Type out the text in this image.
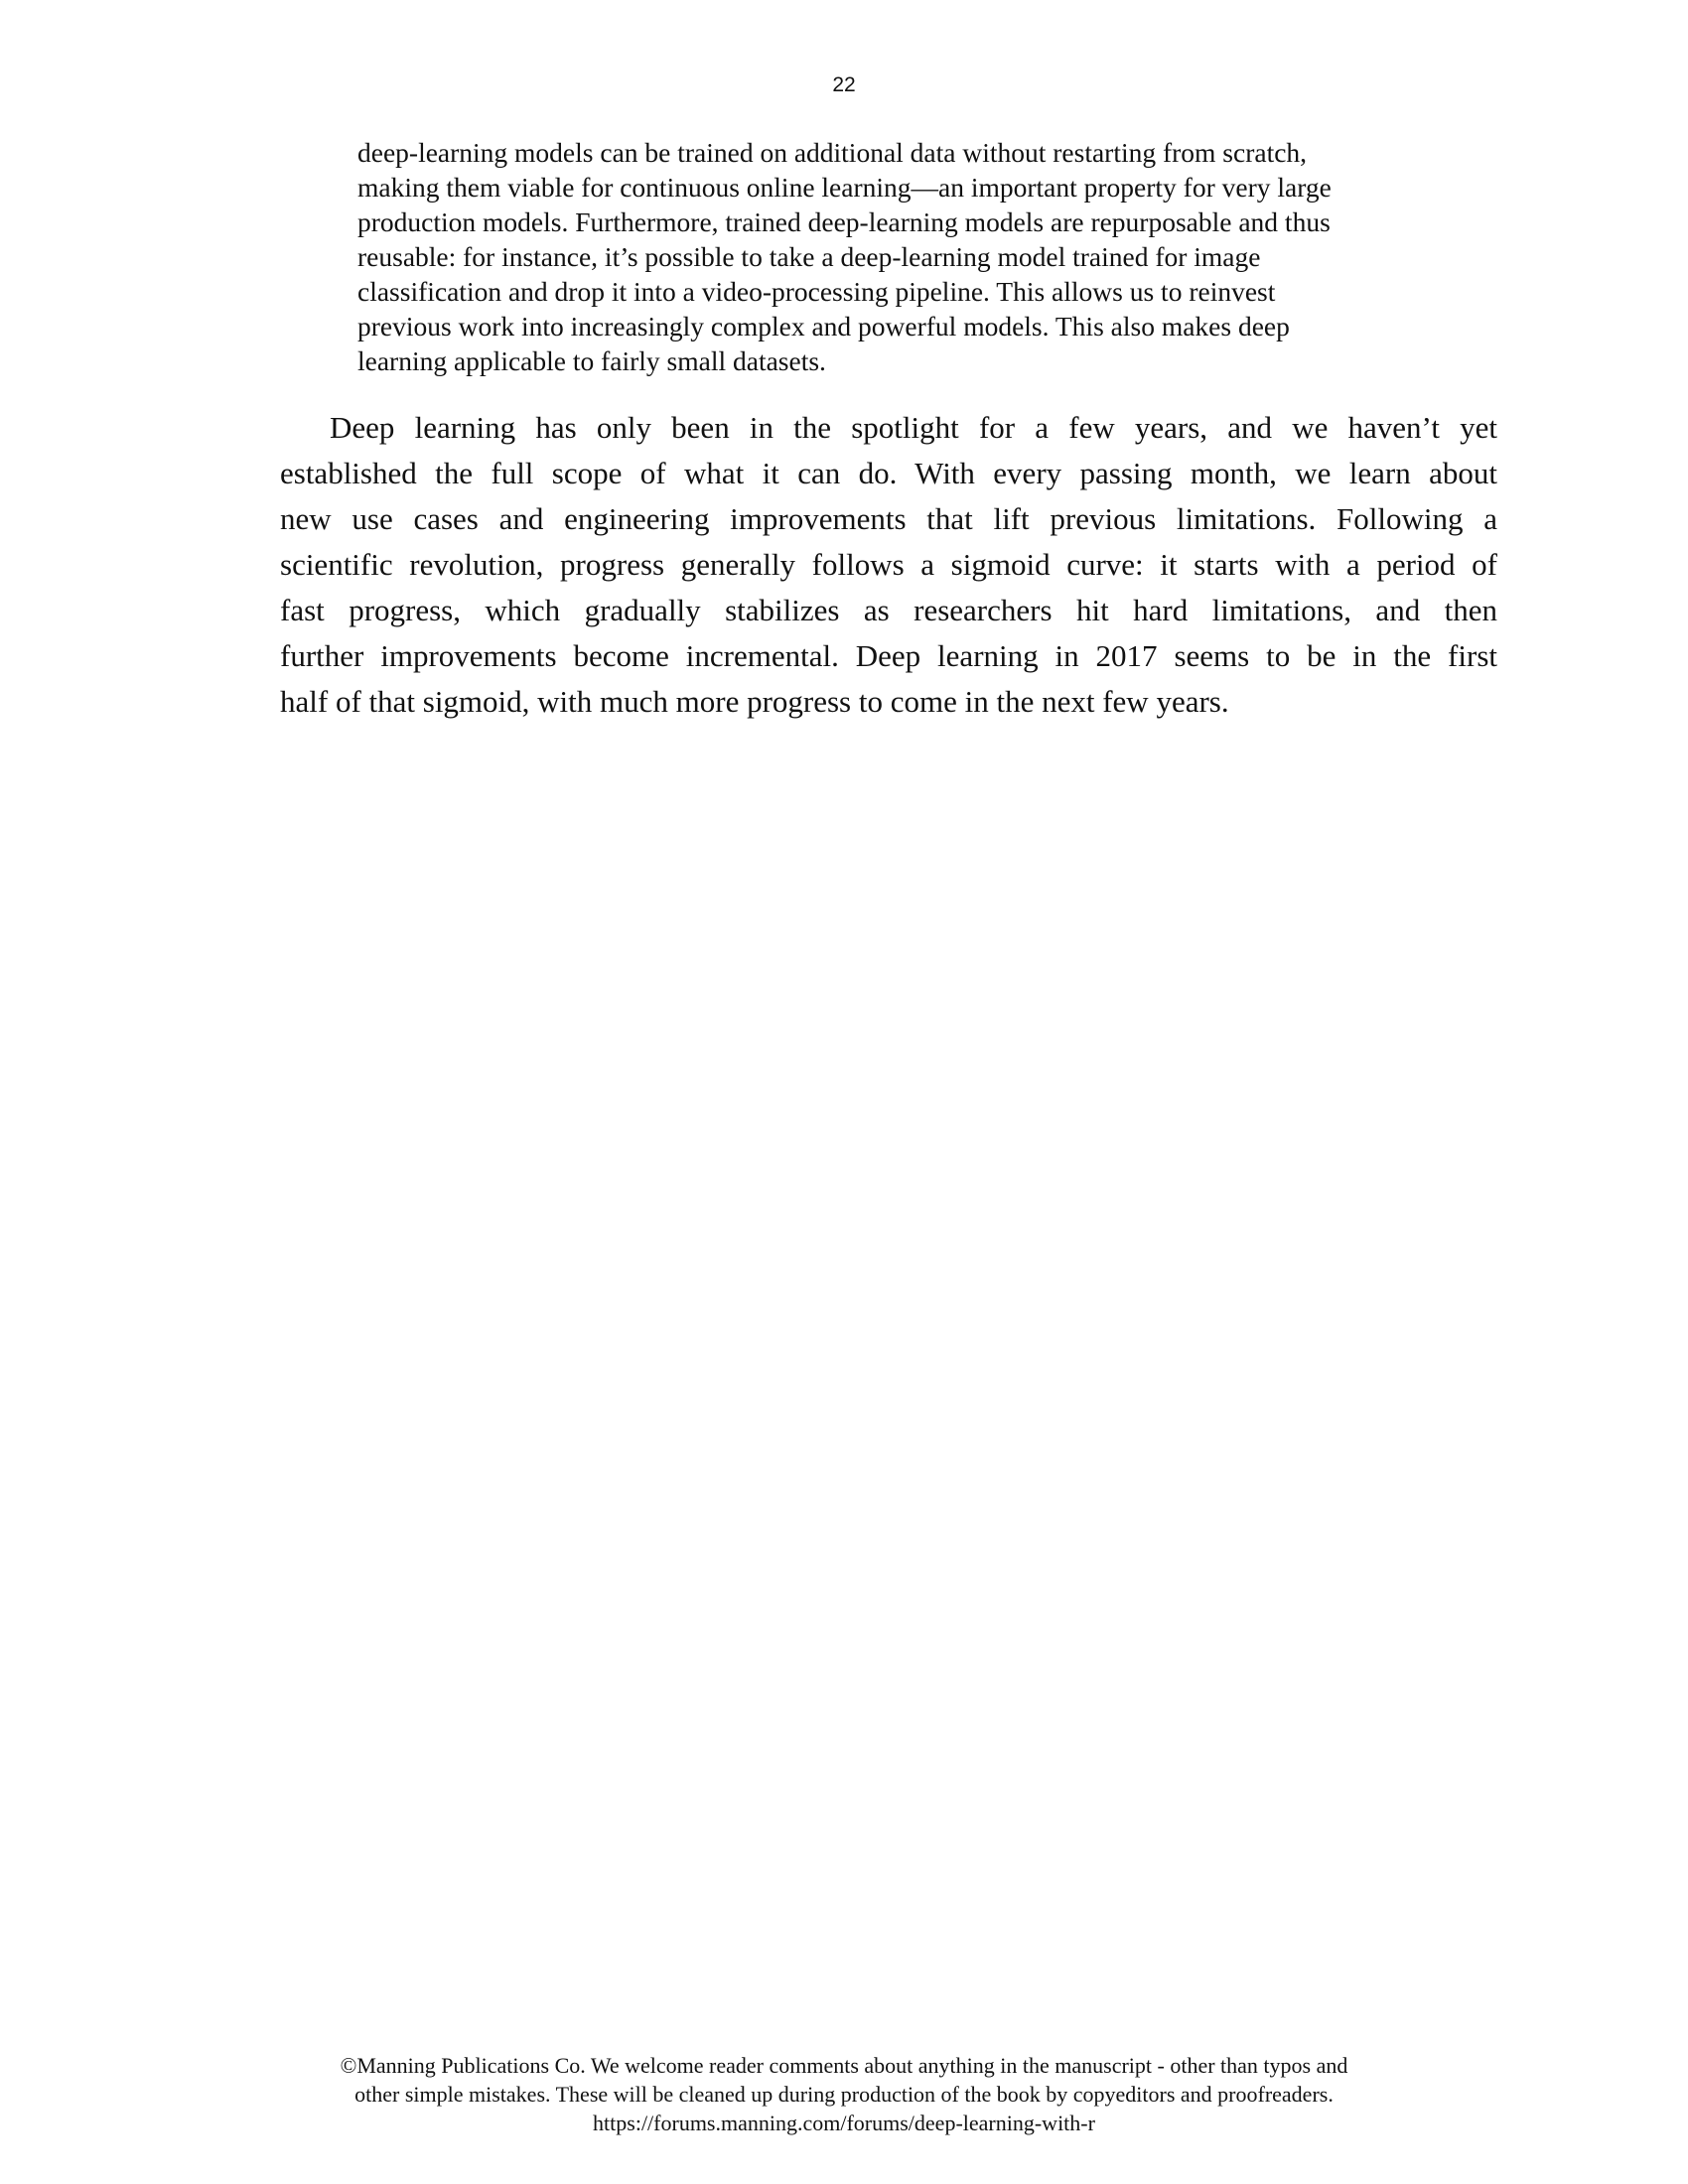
22
deep-learning models can be trained on additional data without restarting from scratch,
making them viable for continuous online learning—an important property for very large
production models. Furthermore, trained deep-learning models are repurposable and thus
reusable: for instance, it’s possible to take a deep-learning model trained for image
classification and drop it into a video-processing pipeline. This allows us to reinvest
previous work into increasingly complex and powerful models. This also makes deep
learning applicable to fairly small datasets.
Deep learning has only been in the spotlight for a few years, and we haven’t yet
established the full scope of what it can do. With every passing month, we learn about
new use cases and engineering improvements that lift previous limitations. Following a
scientific revolution, progress generally follows a sigmoid curve: it starts with a period of
fast progress, which gradually stabilizes as researchers hit hard limitations, and then
further improvements become incremental. Deep learning in 2017 seems to be in the first
half of that sigmoid, with much more progress to come in the next few years.
©Manning Publications Co. We welcome reader comments about anything in the manuscript - other than typos and
other simple mistakes. These will be cleaned up during production of the book by copyeditors and proofreaders.
https://forums.manning.com/forums/deep-learning-with-r
